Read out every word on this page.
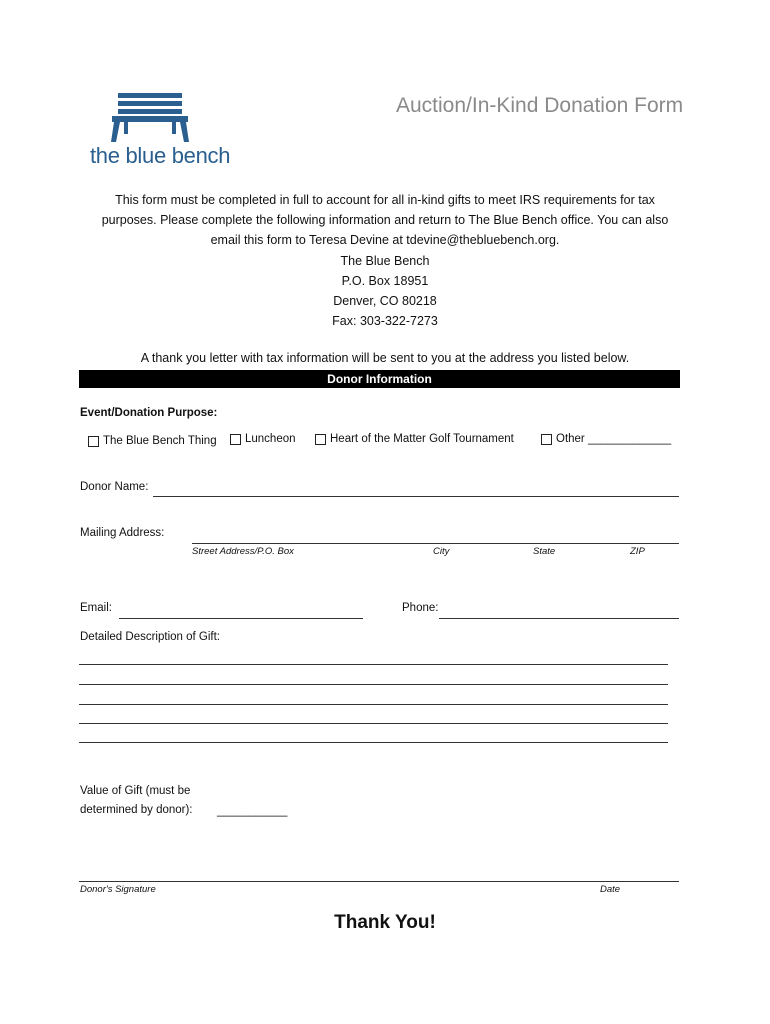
the blue bench
Auction/In-Kind Donation Form
This form must be completed in full to account for all in-kind gifts to meet IRS requirements for tax
purposes. Please complete the following information and return to The Blue Bench office. You can also
email this form to Teresa Devine at tdevine@thebluebench.org.
The Blue Bench
P.O. Box 18951
Denver, CO 80218
Fax: 303-322-7273
A thank you letter with tax information will be sent to you at the address you listed below.
Donor Information
Event/Donation Purpose:
The Blue Bench Thing Luncheon	Heart of the Matter Golf Tournament	Other _____________
Donor Name:
Mailing Address:
Street Address/P.O. Box	City	State	ZIP
Email:	Phone:
Detailed Description of Gift:
Value of Gift (must be
determined by donor): ___________
Donor's Signature	Date
Thank You!
